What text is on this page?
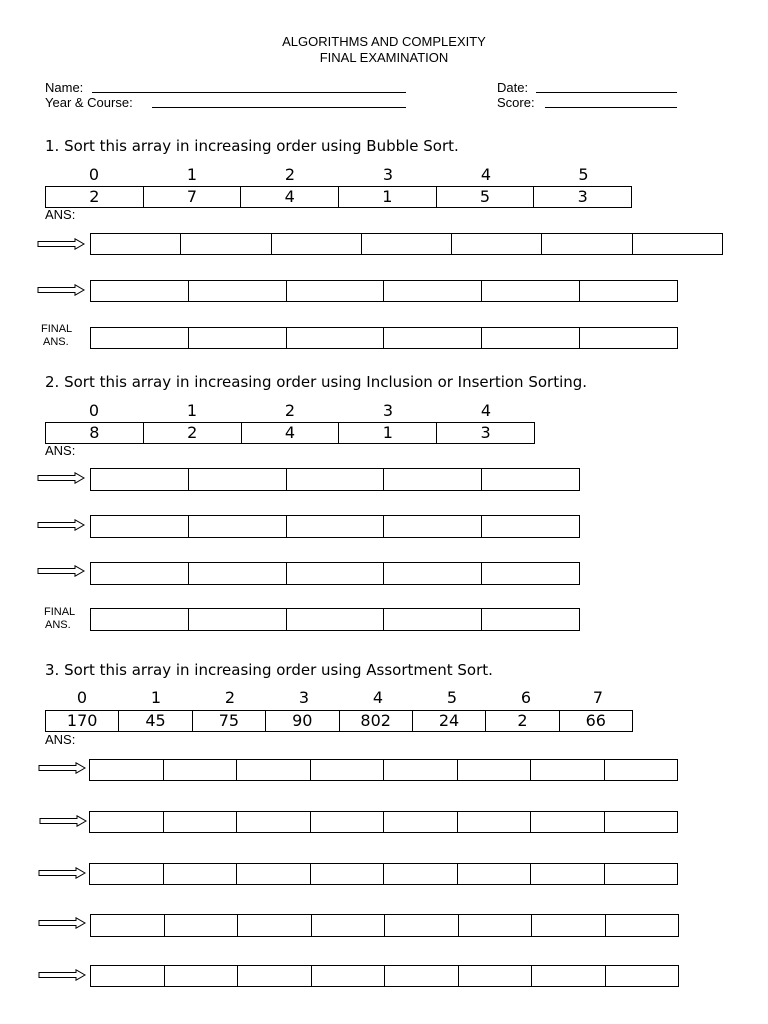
ALGORITHMS AND COMPLEXITY
FINAL EXAMINATION
Name:	Date:
Year & Course:	Score:
1. Sort this array in increasing order using Bubble Sort.
0	1	2	3	4	5
2	7	4	1	5	3
ANS:
FINAL
ANS.
2. Sort this array in increasing order using Inclusion or Insertion Sorting.
0	1	2	3	4
8	2	4	1	3
ANS:
FINAL
ANS.
3. Sort this array in increasing order using Assortment Sort.
0	1	2	3	4	5	6	7
170	45	75	90	802	24	2	66
ANS:
